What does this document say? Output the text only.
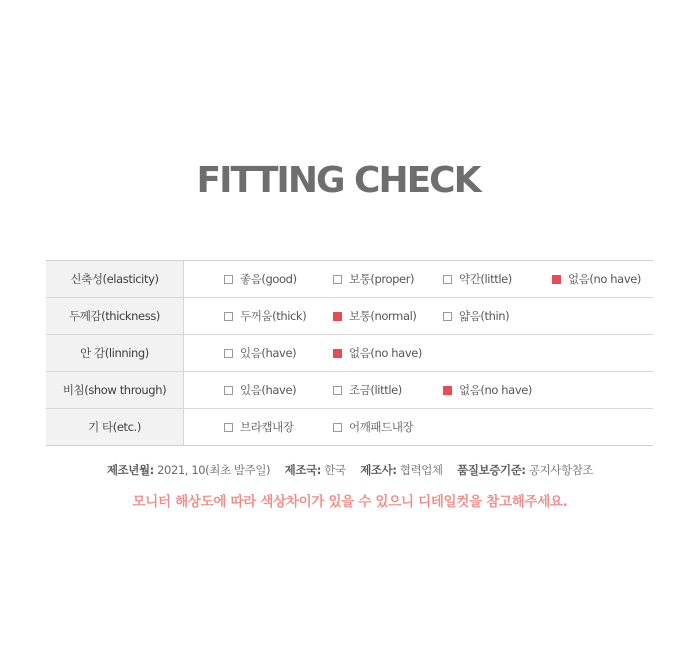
FITTING CHECK
신축성(elasticity)	좋음(good)	보통(proper)	약간(little)	없음(no have)
두께감(thickness)	두꺼움(thick)	보통(normal)	얇음(thin)
안 감(linning)	있음(have)	없음(no have)
비침(show through)	있음(have)	조금(little)	없음(no have)
기 타(etc.)	브라캡내장	어깨패드내장
제조년월: 2021, 10(최초 발주일) 제조국: 한국 제조사: 협력업체 품질보증기준: 공지사항참조
모니터 해상도에 따라 색상차이가 있을 수 있으니 디테일컷을 참고해주세요.
